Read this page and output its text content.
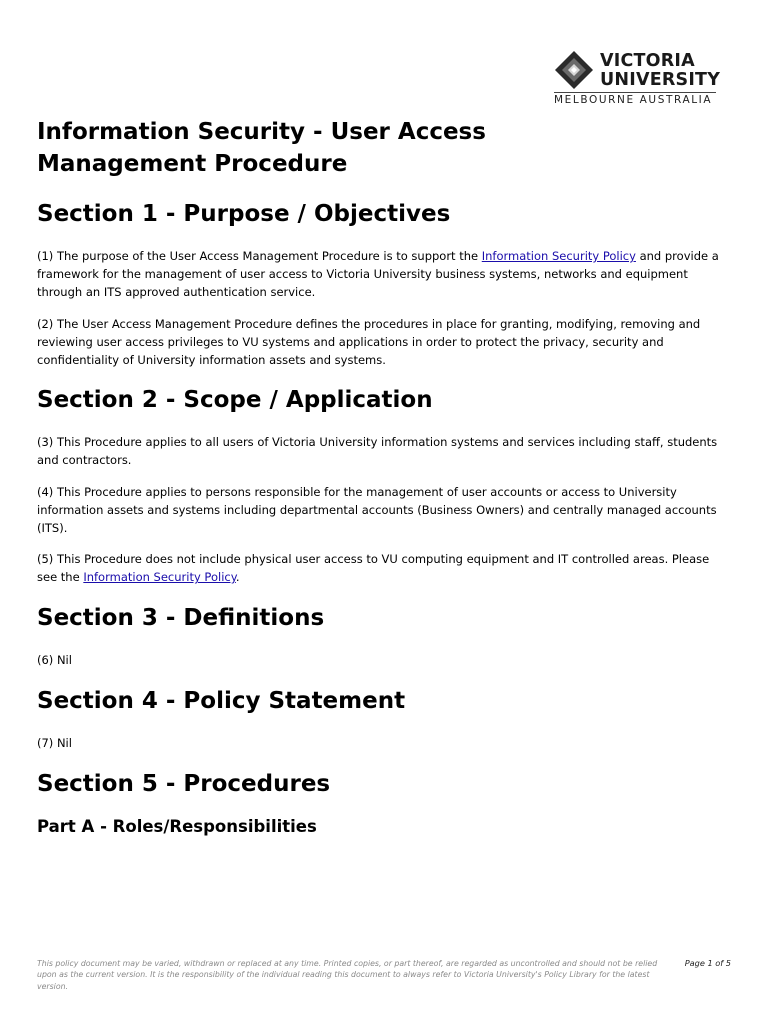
VICTORIA
UNIVERSITY
MELBOURNE AUSTRALIA
Information Security - User Access Management Procedure
Section 1 - Purpose / Objectives

(1) The purpose of the User Access Management Procedure is to support the Information Security Policy and provide a framework for the management of user access to Victoria University business systems, networks and equipment through an ITS approved authentication service.

(2) The User Access Management Procedure defines the procedures in place for granting, modifying, removing and reviewing user access privileges to VU systems and applications in order to protect the privacy, security and confidentiality of University information assets and systems.

Section 2 - Scope / Application

(3) This Procedure applies to all users of Victoria University information systems and services including staff, students and contractors.

(4) This Procedure applies to persons responsible for the management of user accounts or access to University information assets and systems including departmental accounts (Business Owners) and centrally managed accounts (ITS).

(5) This Procedure does not include physical user access to VU computing equipment and IT controlled areas. Please see the Information Security Policy.

Section 3 - Definitions

(6) Nil

Section 4 - Policy Statement

(7) Nil

Section 5 - Procedures
Part A - Roles/Responsibilities
This policy document may be varied, withdrawn or replaced at any time. Printed copies, or part thereof, are regarded as uncontrolled and should not be relied upon as the current version. It is the responsibility of the individual reading this document to always refer to Victoria University's Policy Library for the latest version.
Page 1 of 5
